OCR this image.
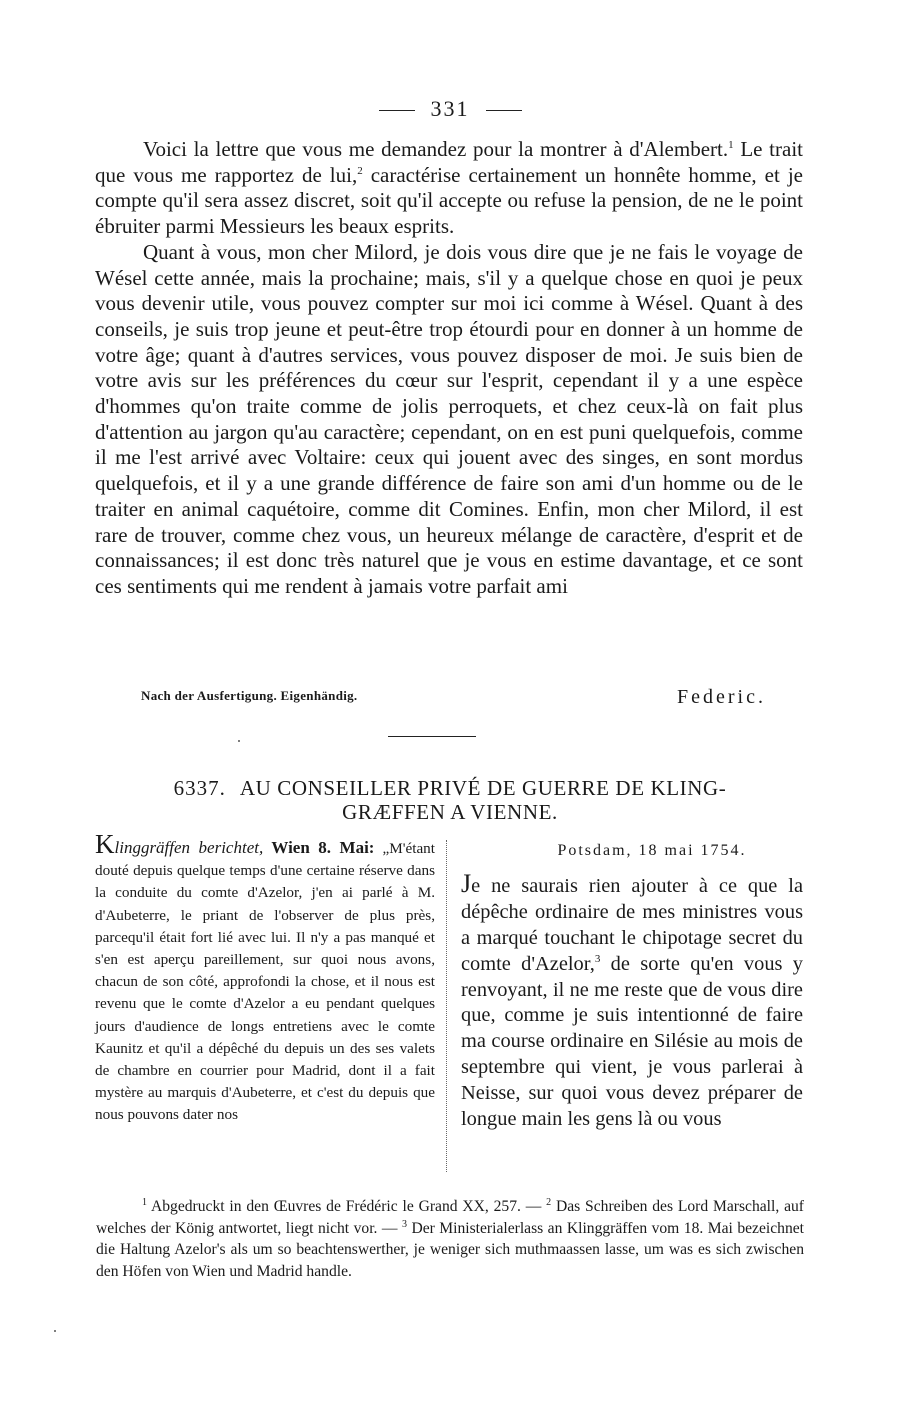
331

Voici la lettre que vous me demandez pour la montrer à d'Alembert.$^1$ Le trait que vous me rapportez de lui,$^2$ caractérise certainement un honnête homme, et je compte qu'il sera assez discret, soit qu'il accepte ou refuse la pension, de ne le point ébruiter parmi Messieurs les beaux esprits.

Quant à vous, mon cher Milord, je dois vous dire que je ne fais le voyage de Wésel cette année, mais la prochaine; mais, s'il y a quelque chose en quoi je peux vous devenir utile, vous pouvez compter sur moi ici comme à Wésel. Quant à des conseils, je suis trop jeune et peut-être trop étourdi pour en donner à un homme de votre âge; quant à d'autres services, vous pouvez disposer de moi. Je suis bien de votre avis sur les préférences du cœur sur l'esprit, cependant il y a une espèce d'hommes qu'on traite comme de jolis perroquets, et chez ceux-là on fait plus d'attention au jargon qu'au caractère; cependant, on en est puni quelquefois, comme il me l'est arrivé avec Voltaire: ceux qui jouent avec des singes, en sont mordus quelquefois, et il y a une grande différence de faire son ami d'un homme ou de le traiter en animal caquétoire, comme dit Comines. Enfin, mon cher Milord, il est rare de trouver, comme chez vous, un heureux mélange de caractère, d'esprit et de connaissances; il est donc très naturel que je vous en estime davantage, et ce sont ces sentiments qui me rendent à jamais votre parfait ami

Nach der Ausfertigung. Eigenhändig.	Federic.
6337. AU CONSEILLER PRIVÉ DE GUERRE DE KLING-
GRÆFFEN A VIENNE.
Klinggräffen berichtet, Wien 8. Mai: „M'étant douté depuis quelque temps d'une certaine réserve dans la conduite du comte d'Azelor, j'en ai parlé à M. d'Aubeterre, le priant de l'observer de plus près, parcequ'il était fort lié avec lui. Il n'y a pas manqué et s'en est aperçu pareillement, sur quoi nous avons, chacun de son côté, approfondi la chose, et il nous est revenu que le comte d'Azelor a eu pendant quelques jours d'audience de longs entretiens avec le comte Kaunitz et qu'il a dépêché du depuis un des ses valets de chambre en courrier pour Madrid, dont il a fait mystère au marquis d'Aubeterre, et c'est du depuis que nous pouvons dater nos
Potsdam, 18 mai 1754.
Je ne saurais rien ajouter à ce que la dépêche ordinaire de mes ministres vous a marqué touchant le chipotage secret du comte d'Azelor,$^3$ de sorte qu'en vous y renvoyant, il ne me reste que de vous dire que, comme je suis intentionné de faire ma course ordinaire en Silésie au mois de septembre qui vient, je vous parlerai à Neisse, sur quoi vous devez préparer de longue main les gens là ou vous

$^1$ Abgedruckt in den Œuvres de Frédéric le Grand XX, 257. — $^2$ Das Schreiben des Lord Marschall, auf welches der König antwortet, liegt nicht vor. — $^3$ Der Ministerialerlass an Klinggräffen vom 18. Mai bezeichnet die Haltung Azelor's als um so beachtenswerther, je weniger sich muthmaassen lasse, um was es sich zwischen den Höfen von Wien und Madrid handle.
